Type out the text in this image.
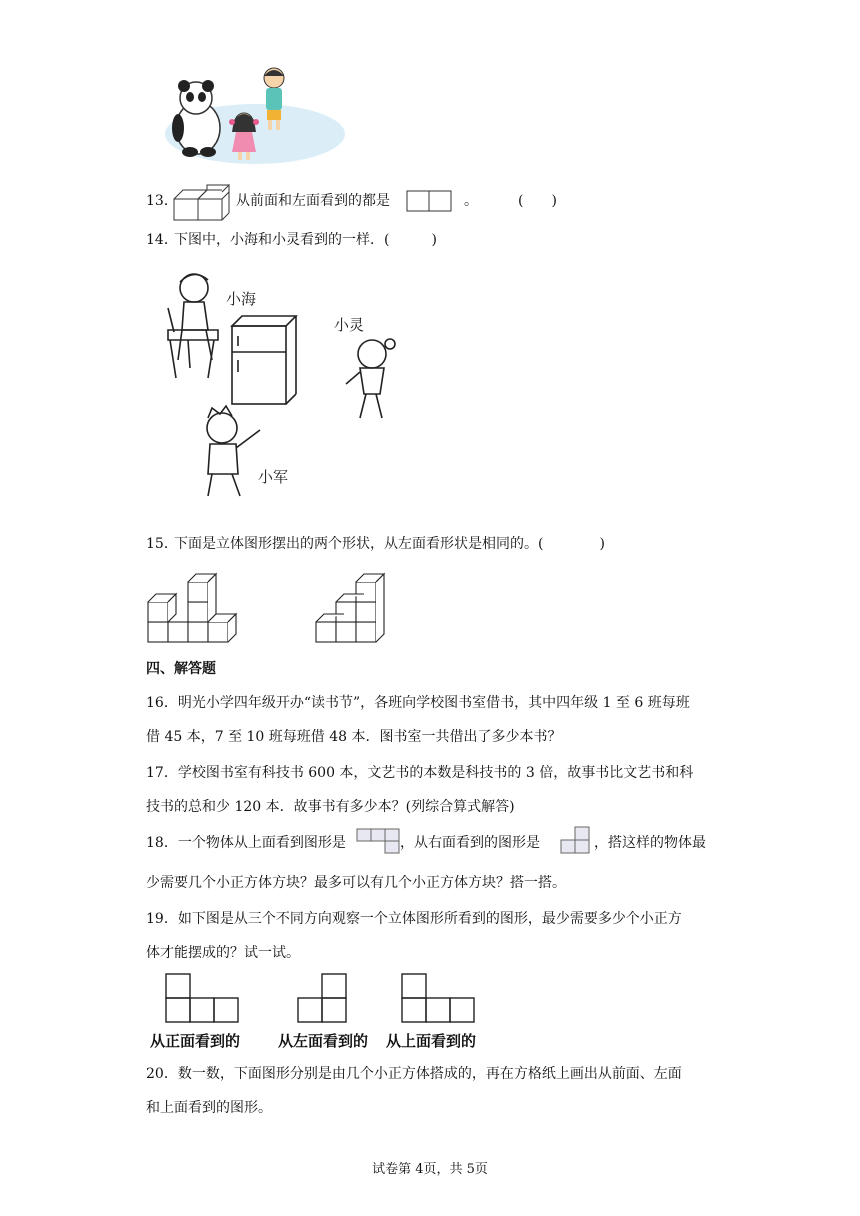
13．	从前面和左面看到的都是	。	(　　)
14．
下图中，小海和小灵看到的一样．(　　　)
小海
小灵
小军
15．
下面是立体图形摆出的两个形状，从左面看形状是相同的。(　　　　)
四、解答题
16．明光小学四年级开办“读书节”，各班向学校图书室借书，其中四年级 1 至 6 班每班
借 45 本，7 至 10 班每班借 48 本．图书室一共借出了多少本书？
17．学校图书室有科技书 600 本，文艺书的本数是科技书的 3 倍，故事书比文艺书和科
技书的总和少 120 本．故事书有多少本？(列综合算式解答)
18．一个物体从上面看到图形是	，从右面看到的图形是	，搭这样的物体最
少需要几个小正方体方块？最多可以有几个小正方体方块？搭一搭。
19．如下图是从三个不同方向观察一个立体图形所看到的图形，最少需要多少个小正方
体才能摆成的？试一试。
从正面看到的	从左面看到的 从上面看到的
20．数一数，下面图形分别是由几个小正方体搭成的，再在方格纸上画出从前面、左面
和上面看到的图形。
试卷第 4页，共 5页
